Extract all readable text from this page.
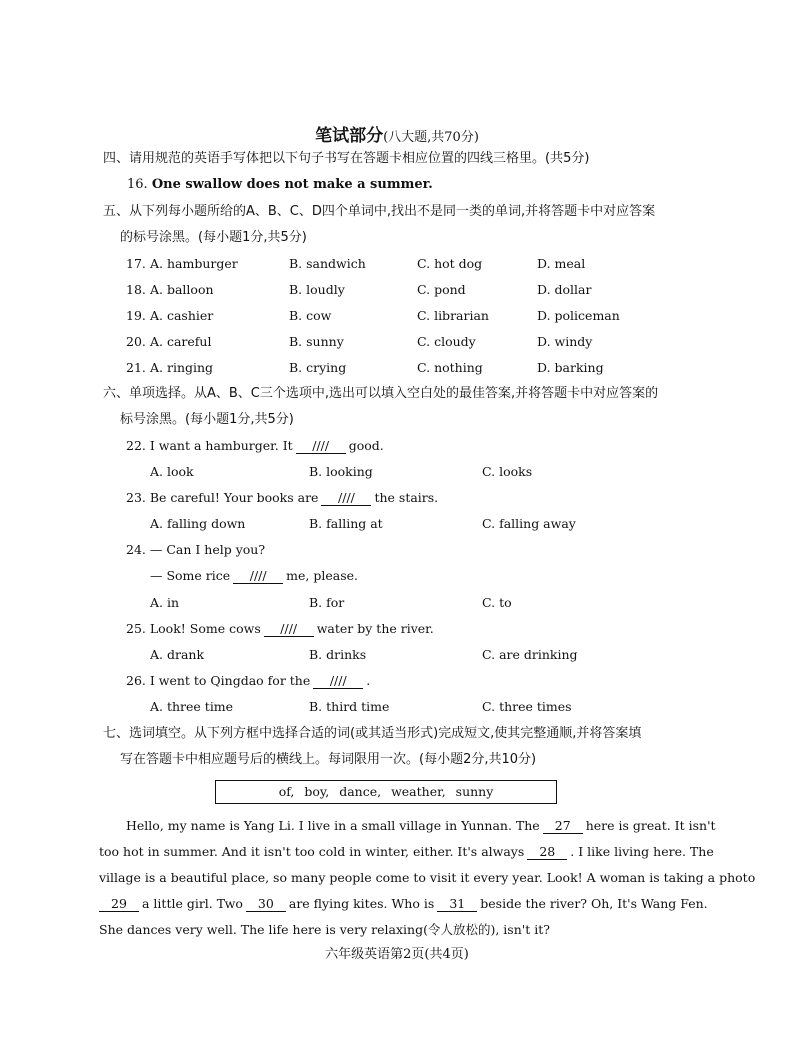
笔试部分(八大题,共70分)
四、请用规范的英语手写体把以下句子书写在答题卡相应位置的四线三格里。(共5分)
16. One swallow does not make a summer.
五、从下列每小题所给的A、B、C、D四个单词中,找出不是同一类的单词,并将答题卡中对应答案
的标号涂黑。(每小题1分,共5分)
17. A. hamburger	B. sandwich	C. hot dog	D. meal
18. A. balloon	B. loudly	C. pond	D. dollar
19. A. cashier	B. cow	C. librarian	D. policeman
20. A. careful	B. sunny	C. cloudy	D. windy
21. A. ringing	B. crying	C. nothing	D. barking
六、单项选择。从A、B、C三个选项中,选出可以填入空白处的最佳答案,并将答题卡中对应答案的
标号涂黑。(每小题1分,共5分)
22. I want a hamburger. It //// good.
A. look	B. looking	C. looks
23. Be careful! Your books are //// the stairs.
A. falling down	B. falling at	C. falling away
24. — Can I help you?
— Some rice //// me, please.
A. in	B. for	C. to
25. Look! Some cows //// water by the river.
A. drank	B. drinks	C. are drinking
26. I went to Qingdao for the //// .
A. three time	B. third time	C. three times
七、选词填空。从下列方框中选择合适的词(或其适当形式)完成短文,使其完整通顺,并将答案填
写在答题卡中相应题号后的横线上。每词限用一次。(每小题2分,共10分)
of, boy, dance, weather, sunny
Hello, my name is Yang Li. I live in a small village in Yunnan. The 27 here is great. It isn't
too hot in summer. And it isn't too cold in winter, either. It's always 28 . I like living here. The
village is a beautiful place, so many people come to visit it every year. Look! A woman is taking a photo
29 a little girl. Two 30 are flying kites. Who is 31 beside the river? Oh, It's Wang Fen.
She dances very well. The life here is very relaxing(令人放松的), isn't it?
六年级英语第2页(共4页)
